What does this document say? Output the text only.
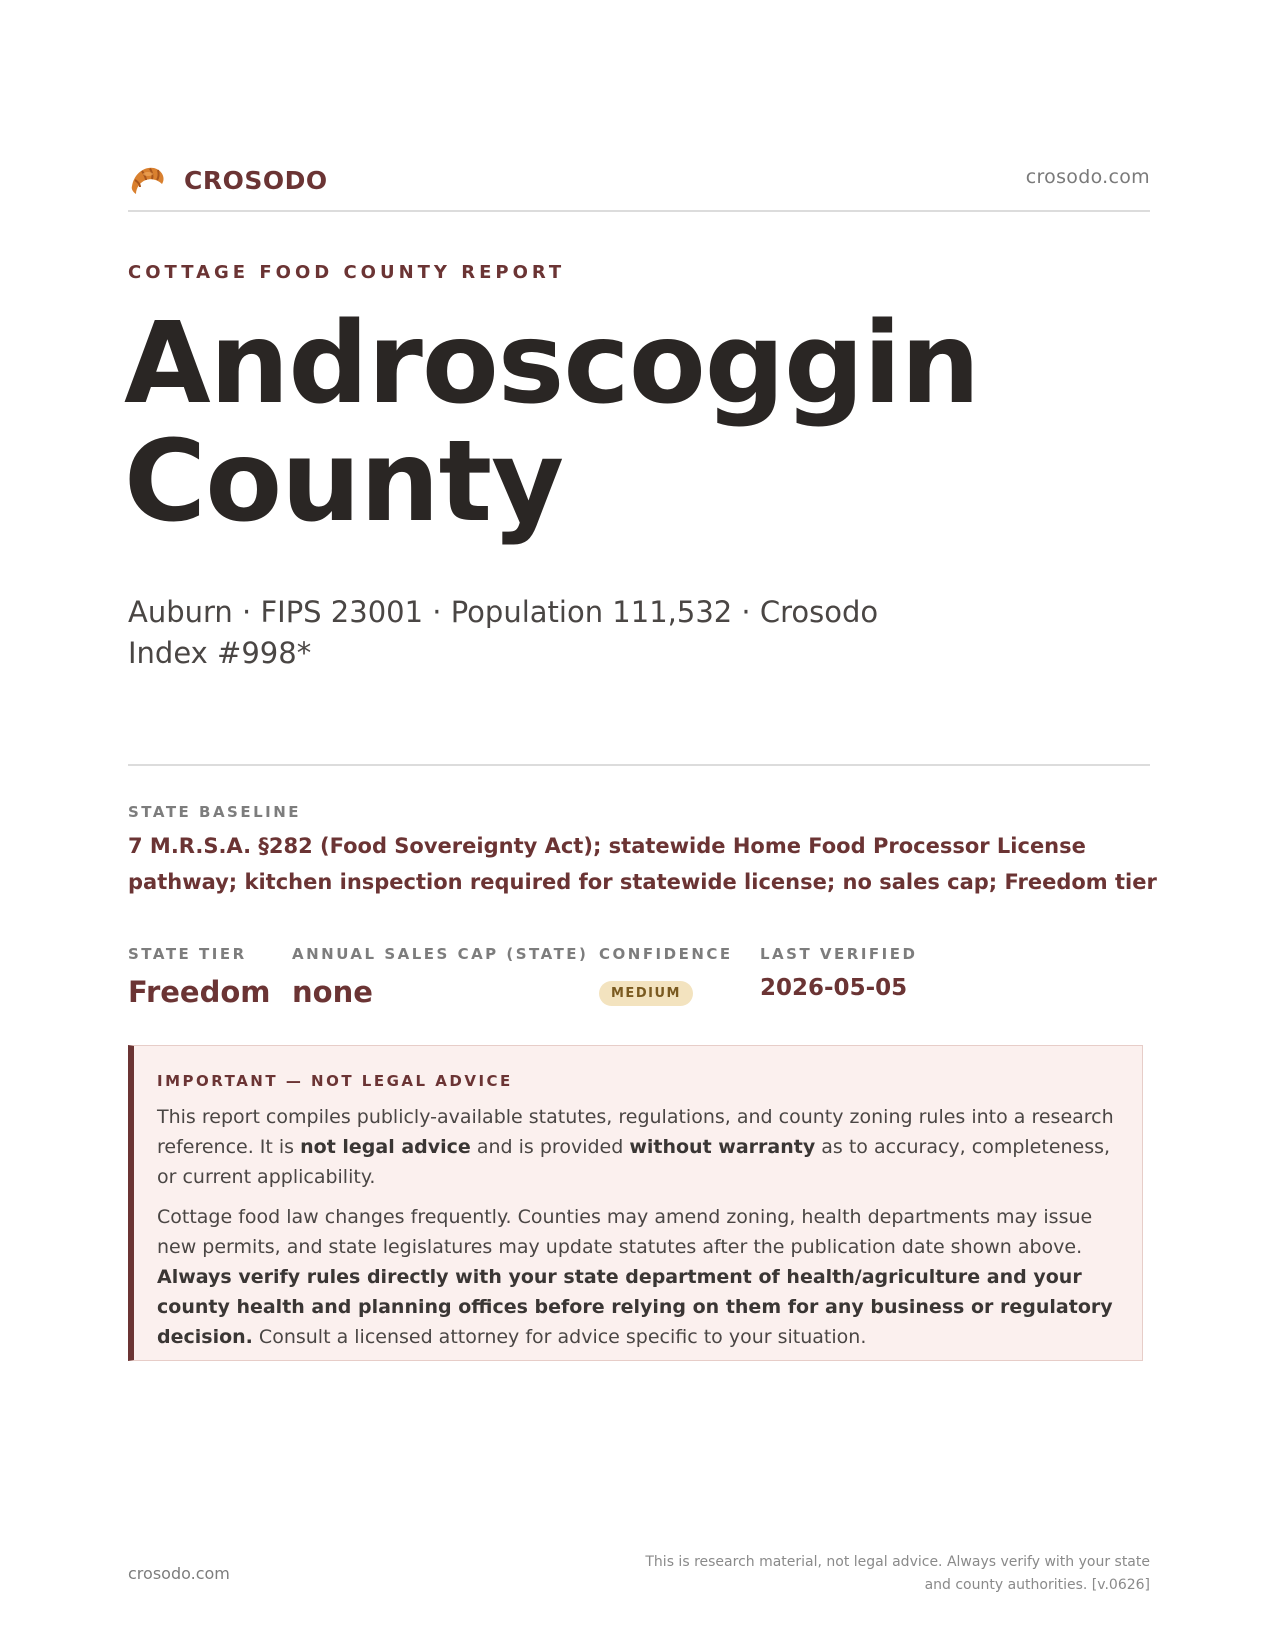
CROSODO	crosodo.com
COTTAGE FOOD COUNTY REPORT
Androscoggin County
Auburn · FIPS 23001 · Population 111,532 · Crosodo Index #998*
STATE BASELINE
7 M.R.S.A. §282 (Food Sovereignty Act); statewide Home Food Processor License pathway; kitchen inspection required for statewide license; no sales cap; Freedom tier
STATE TIER
Freedom
ANNUAL SALES CAP (STATE)
none
CONFIDENCE
MEDIUM
LAST VERIFIED
2026-05-05
IMPORTANT — NOT LEGAL ADVICE

This report compiles publicly-available statutes, regulations, and county zoning rules into a research reference. It is not legal advice and is provided without warranty as to accuracy, completeness, or current applicability.

Cottage food law changes frequently. Counties may amend zoning, health departments may issue new permits, and state legislatures may update statutes after the publication date shown above. Always verify rules directly with your state department of health/agriculture and your county health and planning offices before relying on them for any business or regulatory decision. Consult a licensed attorney for advice specific to your situation.

crosodo.com
This is research material, not legal advice. Always verify with your state
and county authorities. [v.0626]
